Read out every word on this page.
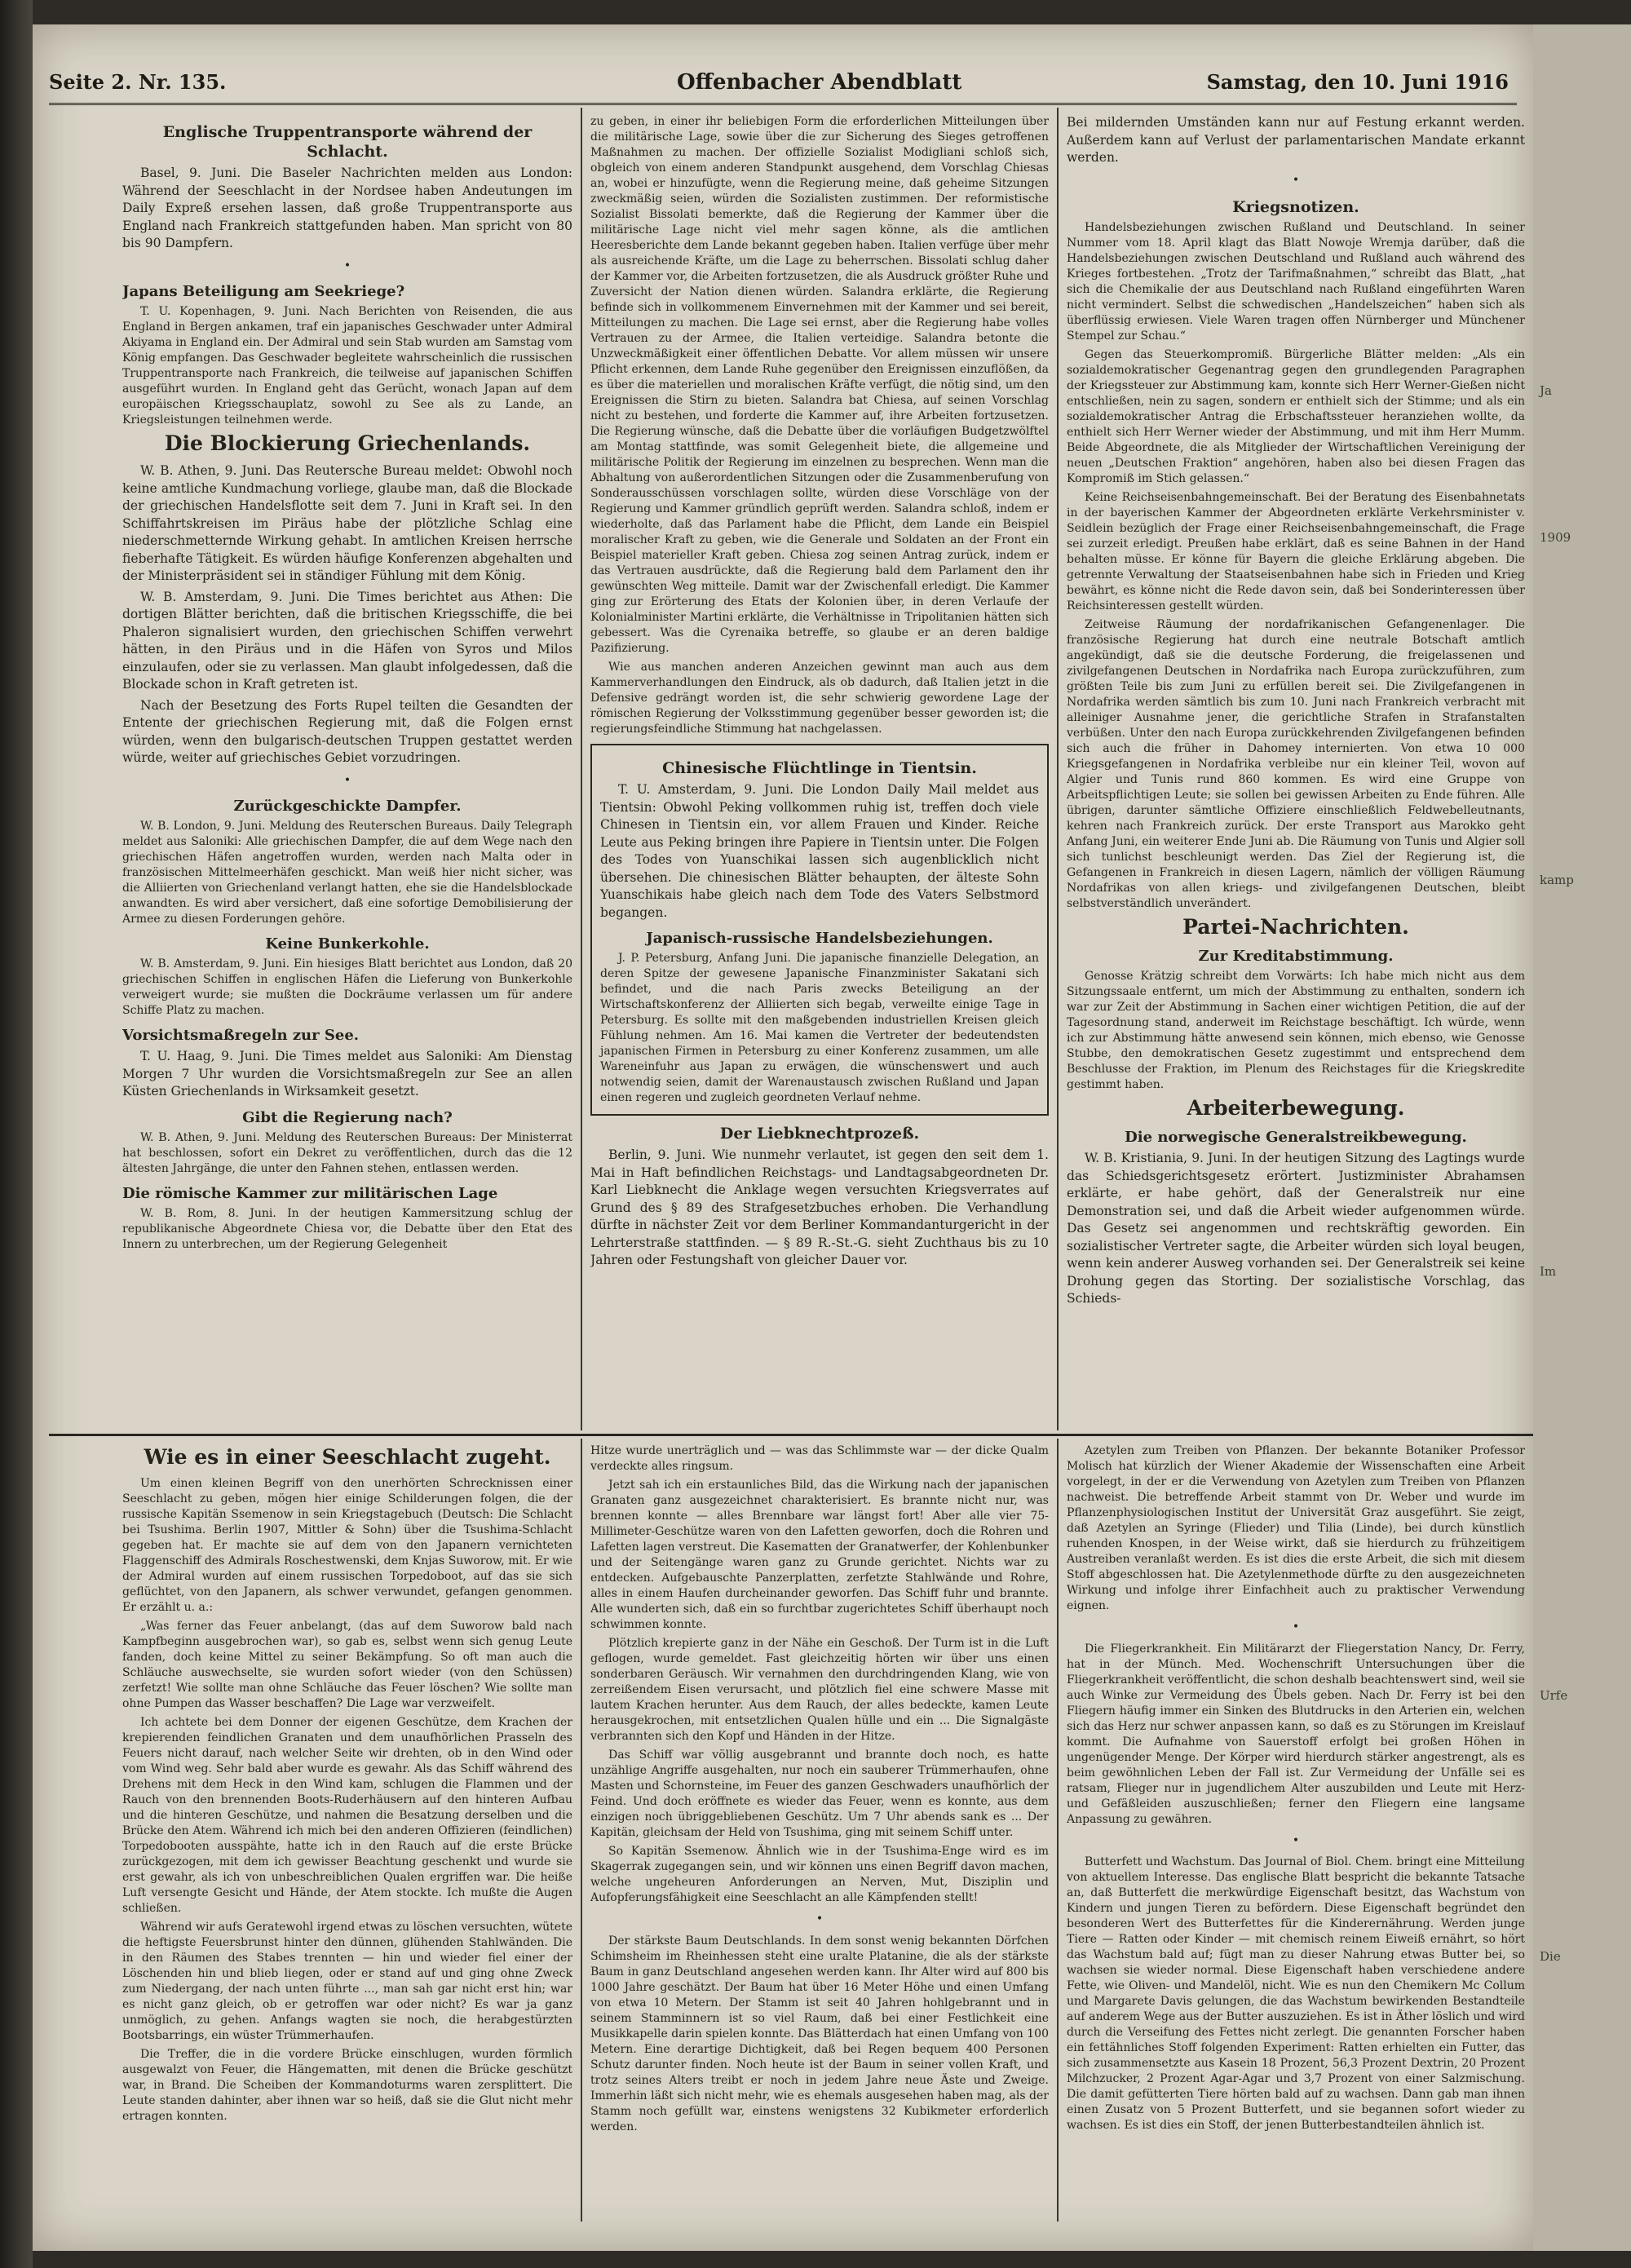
Ja
1909
kamp
Im
Urfe
Die
Seite 2. Nr. 135.	Offenbacher Abendblatt	Samstag, den 10. Juni 1916
Englische Truppentransporte während der Schlacht.

Basel, 9. Juni. Die Baseler Nachrichten melden aus London: Während der Seeschlacht in der Nordsee haben Andeutungen im Daily Expreß ersehen lassen, daß große Truppentransporte aus England nach Frankreich stattgefunden haben. Man spricht von 80 bis 90 Dampfern.

•
Japans Beteiligung am Seekriege?

T. U. Kopenhagen, 9. Juni. Nach Berichten von Reisenden, die aus England in Bergen ankamen, traf ein japanisches Geschwader unter Admiral Akiyama in England ein. Der Admiral und sein Stab wurden am Samstag vom König empfangen. Das Geschwader begleitete wahrscheinlich die russischen Truppentransporte nach Frankreich, die teilweise auf japanischen Schiffen ausgeführt wurden. In England geht das Gerücht, wonach Japan auf dem europäischen Kriegsschauplatz, sowohl zu See als zu Lande, an Kriegsleistungen teilnehmen werde.

Die Blockierung Griechenlands.

W. B. Athen, 9. Juni. Das Reutersche Bureau meldet: Obwohl noch keine amtliche Kundmachung vorliege, glaube man, daß die Blockade der griechischen Handelsflotte seit dem 7. Juni in Kraft sei. In den Schiffahrtskreisen im Piräus habe der plötzliche Schlag eine niederschmetternde Wirkung gehabt. In amtlichen Kreisen herrsche fieberhafte Tätigkeit. Es würden häufige Konferenzen abgehalten und der Ministerpräsident sei in ständiger Fühlung mit dem König.

W. B. Amsterdam, 9. Juni. Die Times berichtet aus Athen: Die dortigen Blätter berichten, daß die britischen Kriegsschiffe, die bei Phaleron signalisiert wurden, den griechischen Schiffen verwehrt hätten, in den Piräus und in die Häfen von Syros und Milos einzulaufen, oder sie zu verlassen. Man glaubt infolgedessen, daß die Blockade schon in Kraft getreten ist.

Nach der Besetzung des Forts Rupel teilten die Gesandten der Entente der griechischen Regierung mit, daß die Folgen ernst würden, wenn den bulgarisch-deutschen Truppen gestattet werden würde, weiter auf griechisches Gebiet vorzudringen.

•
Zurückgeschickte Dampfer.

W. B. London, 9. Juni. Meldung des Reuterschen Bureaus. Daily Telegraph meldet aus Saloniki: Alle griechischen Dampfer, die auf dem Wege nach den griechischen Häfen angetroffen wurden, werden nach Malta oder in französischen Mittelmeerhäfen geschickt. Man weiß hier nicht sicher, was die Alliierten von Griechenland verlangt hatten, ehe sie die Handelsblockade anwandten. Es wird aber versichert, daß eine sofortige Demobilisierung der Armee zu diesen Forderungen gehöre.

Keine Bunkerkohle.

W. B. Amsterdam, 9. Juni. Ein hiesiges Blatt berichtet aus London, daß 20 griechischen Schiffen in englischen Häfen die Lieferung von Bunkerkohle verweigert wurde; sie mußten die Dockräume verlassen um für andere Schiffe Platz zu machen.

Vorsichtsmaßregeln zur See.

T. U. Haag, 9. Juni. Die Times meldet aus Saloniki: Am Dienstag Morgen 7 Uhr wurden die Vorsichtsmaßregeln zur See an allen Küsten Griechenlands in Wirksamkeit gesetzt.

Gibt die Regierung nach?

W. B. Athen, 9. Juni. Meldung des Reuterschen Bureaus: Der Ministerrat hat beschlossen, sofort ein Dekret zu veröffentlichen, durch das die 12 ältesten Jahrgänge, die unter den Fahnen stehen, entlassen werden.

Die römische Kammer zur militärischen Lage

W. B. Rom, 8. Juni. In der heutigen Kammersitzung schlug der republikanische Abgeordnete Chiesa vor, die Debatte über den Etat des Innern zu unterbrechen, um der Regierung Gelegenheit

zu geben, in einer ihr beliebigen Form die erforderlichen Mitteilungen über die militärische Lage, sowie über die zur Sicherung des Sieges getroffenen Maßnahmen zu machen. Der offizielle Sozialist Modigliani schloß sich, obgleich von einem anderen Standpunkt ausgehend, dem Vorschlag Chiesas an, wobei er hinzufügte, wenn die Regierung meine, daß geheime Sitzungen zweckmäßig seien, würden die Sozialisten zustimmen. Der reformistische Sozialist Bissolati bemerkte, daß die Regierung der Kammer über die militärische Lage nicht viel mehr sagen könne, als die amtlichen Heeresberichte dem Lande bekannt gegeben haben. Italien verfüge über mehr als ausreichende Kräfte, um die Lage zu beherrschen. Bissolati schlug daher der Kammer vor, die Arbeiten fortzusetzen, die als Ausdruck größter Ruhe und Zuversicht der Nation dienen würden. Salandra erklärte, die Regierung befinde sich in vollkommenem Einvernehmen mit der Kammer und sei bereit, Mitteilungen zu machen. Die Lage sei ernst, aber die Regierung habe volles Vertrauen zu der Armee, die Italien verteidige. Salandra betonte die Unzweckmäßigkeit einer öffentlichen Debatte. Vor allem müssen wir unsere Pflicht erkennen, dem Lande Ruhe gegenüber den Ereignissen einzuflößen, da es über die materiellen und moralischen Kräfte verfügt, die nötig sind, um den Ereignissen die Stirn zu bieten. Salandra bat Chiesa, auf seinen Vorschlag nicht zu bestehen, und forderte die Kammer auf, ihre Arbeiten fortzusetzen. Die Regierung wünsche, daß die Debatte über die vorläufigen Budgetzwölftel am Montag stattfinde, was somit Gelegenheit biete, die allgemeine und militärische Politik der Regierung im einzelnen zu besprechen. Wenn man die Abhaltung von außerordentlichen Sitzungen oder die Zusammenberufung von Sonderausschüssen vorschlagen sollte, würden diese Vorschläge von der Regierung und Kammer gründlich geprüft werden. Salandra schloß, indem er wiederholte, daß das Parlament habe die Pflicht, dem Lande ein Beispiel moralischer Kraft zu geben, wie die Generale und Soldaten an der Front ein Beispiel materieller Kraft geben. Chiesa zog seinen Antrag zurück, indem er das Vertrauen ausdrückte, daß die Regierung bald dem Parlament den ihr gewünschten Weg mitteile. Damit war der Zwischenfall erledigt. Die Kammer ging zur Erörterung des Etats der Kolonien über, in deren Verlaufe der Kolonialminister Martini erklärte, die Verhältnisse in Tripolitanien hätten sich gebessert. Was die Cyrenaika betreffe, so glaube er an deren baldige Pazifizierung.

Wie aus manchen anderen Anzeichen gewinnt man auch aus dem Kammerverhandlungen den Eindruck, als ob dadurch, daß Italien jetzt in die Defensive gedrängt worden ist, die sehr schwierig gewordene Lage der römischen Regierung der Volksstimmung gegenüber besser geworden ist; die regierungsfeindliche Stimmung hat nachgelassen.

Chinesische Flüchtlinge in Tientsin.

T. U. Amsterdam, 9. Juni. Die London Daily Mail meldet aus Tientsin: Obwohl Peking vollkommen ruhig ist, treffen doch viele Chinesen in Tientsin ein, vor allem Frauen und Kinder. Reiche Leute aus Peking bringen ihre Papiere in Tientsin unter. Die Folgen des Todes von Yuanschikai lassen sich augenblicklich nicht übersehen. Die chinesischen Blätter behaupten, der älteste Sohn Yuanschikais habe gleich nach dem Tode des Vaters Selbstmord begangen.

Japanisch-russische Handelsbeziehungen.

J. P. Petersburg, Anfang Juni. Die japanische finanzielle Delegation, an deren Spitze der gewesene Japanische Finanzminister Sakatani sich befindet, und die nach Paris zwecks Beteiligung an der Wirtschaftskonferenz der Alliierten sich begab, verweilte einige Tage in Petersburg. Es sollte mit den maßgebenden industriellen Kreisen gleich Fühlung nehmen. Am 16. Mai kamen die Vertreter der bedeutendsten japanischen Firmen in Petersburg zu einer Konferenz zusammen, um alle Wareneinfuhr aus Japan zu erwägen, die wünschenswert und auch notwendig seien, damit der Warenaustausch zwischen Rußland und Japan einen regeren und zugleich geordneten Verlauf nehme.

Der Liebknechtprozeß.

Berlin, 9. Juni. Wie nunmehr verlautet, ist gegen den seit dem 1. Mai in Haft befindlichen Reichstags- und Landtagsabgeordneten Dr. Karl Liebknecht die Anklage wegen versuchten Kriegsverrates auf Grund des § 89 des Strafgesetzbuches erhoben. Die Verhandlung dürfte in nächster Zeit vor dem Berliner Kommandanturgericht in der Lehrterstraße stattfinden. — § 89 R.-St.-G. sieht Zuchthaus bis zu 10 Jahren oder Festungshaft von gleicher Dauer vor.

Bei mildernden Umständen kann nur auf Festung erkannt werden. Außerdem kann auf Verlust der parlamentarischen Mandate erkannt werden.

•
Kriegsnotizen.

Handelsbeziehungen zwischen Rußland und Deutschland. In seiner Nummer vom 18. April klagt das Blatt Nowoje Wremja darüber, daß die Handelsbeziehungen zwischen Deutschland und Rußland auch während des Krieges fortbestehen. „Trotz der Tarifmaßnahmen,“ schreibt das Blatt, „hat sich die Chemikalie der aus Deutschland nach Rußland eingeführten Waren nicht vermindert. Selbst die schwedischen „Handelszeichen“ haben sich als überflüssig erwiesen. Viele Waren tragen offen Nürnberger und Münchener Stempel zur Schau.“

Gegen das Steuerkompromiß. Bürgerliche Blätter melden: „Als ein sozialdemokratischer Gegenantrag gegen den grundlegenden Paragraphen der Kriegssteuer zur Abstimmung kam, konnte sich Herr Werner-Gießen nicht entschließen, nein zu sagen, sondern er enthielt sich der Stimme; und als ein sozialdemokratischer Antrag die Erbschaftssteuer heranziehen wollte, da enthielt sich Herr Werner wieder der Abstimmung, und mit ihm Herr Mumm. Beide Abgeordnete, die als Mitglieder der Wirtschaftlichen Vereinigung der neuen „Deutschen Fraktion“ angehören, haben also bei diesen Fragen das Kompromiß im Stich gelassen.“

Keine Reichseisenbahngemeinschaft. Bei der Beratung des Eisenbahnetats in der bayerischen Kammer der Abgeordneten erklärte Verkehrsminister v. Seidlein bezüglich der Frage einer Reichseisenbahngemeinschaft, die Frage sei zurzeit erledigt. Preußen habe erklärt, daß es seine Bahnen in der Hand behalten müsse. Er könne für Bayern die gleiche Erklärung abgeben. Die getrennte Verwaltung der Staatseisenbahnen habe sich in Frieden und Krieg bewährt, es könne nicht die Rede davon sein, daß bei Sonderinteressen über Reichsinteressen gestellt würden.

Zeitweise Räumung der nordafrikanischen Gefangenenlager. Die französische Regierung hat durch eine neutrale Botschaft amtlich angekündigt, daß sie die deutsche Forderung, die freigelassenen und zivilgefangenen Deutschen in Nordafrika nach Europa zurückzuführen, zum größten Teile bis zum Juni zu erfüllen bereit sei. Die Zivilgefangenen in Nordafrika werden sämtlich bis zum 10. Juni nach Frankreich verbracht mit alleiniger Ausnahme jener, die gerichtliche Strafen in Strafanstalten verbüßen. Unter den nach Europa zurückkehrenden Zivilgefangenen befinden sich auch die früher in Dahomey internierten. Von etwa 10 000 Kriegsgefangenen in Nordafrika verbleibe nur ein kleiner Teil, wovon auf Algier und Tunis rund 860 kommen. Es wird eine Gruppe von Arbeitspflichtigen Leute; sie sollen bei gewissen Arbeiten zu Ende führen. Alle übrigen, darunter sämtliche Offiziere einschließlich Feldwebelleutnants, kehren nach Frankreich zurück. Der erste Transport aus Marokko geht Anfang Juni, ein weiterer Ende Juni ab. Die Räumung von Tunis und Algier soll sich tunlichst beschleunigt werden. Das Ziel der Regierung ist, die Gefangenen in Frankreich in diesen Lagern, nämlich der völligen Räumung Nordafrikas von allen kriegs- und zivilgefangenen Deutschen, bleibt selbstverständlich unverändert.

Partei-Nachrichten.
Zur Kreditabstimmung.

Genosse Krätzig schreibt dem Vorwärts: Ich habe mich nicht aus dem Sitzungssaale entfernt, um mich der Abstimmung zu enthalten, sondern ich war zur Zeit der Abstimmung in Sachen einer wichtigen Petition, die auf der Tagesordnung stand, anderweit im Reichstage beschäftigt. Ich würde, wenn ich zur Abstimmung hätte anwesend sein können, mich ebenso, wie Genosse Stubbe, den demokratischen Gesetz zugestimmt und entsprechend dem Beschlusse der Fraktion, im Plenum des Reichstages für die Kriegskredite gestimmt haben.

Arbeiterbewegung.
Die norwegische Generalstreikbewegung.

W. B. Kristiania, 9. Juni. In der heutigen Sitzung des Lagtings wurde das Schiedsgerichtsgesetz erörtert. Justizminister Abrahamsen erklärte, er habe gehört, daß der Generalstreik nur eine Demonstration sei, und daß die Arbeit wieder aufgenommen würde. Das Gesetz sei angenommen und rechtskräftig geworden. Ein sozialistischer Vertreter sagte, die Arbeiter würden sich loyal beugen, wenn kein anderer Ausweg vorhanden sei. Der Generalstreik sei keine Drohung gegen das Storting. Der sozialistische Vorschlag, das Schieds-

Wie es in einer Seeschlacht zugeht.

Um einen kleinen Begriff von den unerhörten Schrecknissen einer Seeschlacht zu geben, mögen hier einige Schilderungen folgen, die der russische Kapitän Ssemenow in sein Kriegstagebuch (Deutsch: Die Schlacht bei Tsushima. Berlin 1907, Mittler & Sohn) über die Tsushima-Schlacht gegeben hat. Er machte sie auf dem von den Japanern vernichteten Flaggenschiff des Admirals Roschestwenski, dem Knjas Suworow, mit. Er wie der Admiral wurden auf einem russischen Torpedoboot, auf das sie sich geflüchtet, von den Japanern, als schwer verwundet, gefangen genommen. Er erzählt u. a.:

„Was ferner das Feuer anbelangt, (das auf dem Suworow bald nach Kampfbeginn ausgebrochen war), so gab es, selbst wenn sich genug Leute fanden, doch keine Mittel zu seiner Bekämpfung. So oft man auch die Schläuche auswechselte, sie wurden sofort wieder (von den Schüssen) zerfetzt! Wie sollte man ohne Schläuche das Feuer löschen? Wie sollte man ohne Pumpen das Wasser beschaffen? Die Lage war verzweifelt.

Ich achtete bei dem Donner der eigenen Geschütze, dem Krachen der krepierenden feindlichen Granaten und dem unaufhörlichen Prasseln des Feuers nicht darauf, nach welcher Seite wir drehten, ob in den Wind oder vom Wind weg. Sehr bald aber wurde es gewahr. Als das Schiff während des Drehens mit dem Heck in den Wind kam, schlugen die Flammen und der Rauch von den brennenden Boots-Ruderhäusern auf den hinteren Aufbau und die hinteren Geschütze, und nahmen die Besatzung derselben und die Brücke den Atem. Während ich mich bei den anderen Offizieren (feindlichen) Torpedobooten ausspähte, hatte ich in den Rauch auf die erste Brücke zurückgezogen, mit dem ich gewisser Beachtung geschenkt und wurde sie erst gewahr, als ich von unbeschreiblichen Qualen ergriffen war. Die heiße Luft versengte Gesicht und Hände, der Atem stockte. Ich mußte die Augen schließen.

Während wir aufs Geratewohl irgend etwas zu löschen versuchten, wütete die heftigste Feuersbrunst hinter den dünnen, glühenden Stahlwänden. Die in den Räumen des Stabes trennten — hin und wieder fiel einer der Löschenden hin und blieb liegen, oder er stand auf und ging ohne Zweck zum Niedergang, der nach unten führte ..., man sah gar nicht erst hin; war es nicht ganz gleich, ob er getroffen war oder nicht? Es war ja ganz unmöglich, zu gehen. Anfangs wagten sie noch, die herabgestürzten Bootsbarrings, ein wüster Trümmerhaufen.

Die Treffer, die in die vordere Brücke einschlugen, wurden förmlich ausgewalzt von Feuer, die Hängematten, mit denen die Brücke geschützt war, in Brand. Die Scheiben der Kommandoturms waren zersplittert. Die Leute standen dahinter, aber ihnen war so heiß, daß sie die Glut nicht mehr ertragen konnten.

Hitze wurde unerträglich und — was das Schlimmste war — der dicke Qualm verdeckte alles ringsum.

Jetzt sah ich ein erstaunliches Bild, das die Wirkung nach der japanischen Granaten ganz ausgezeichnet charakterisiert. Es brannte nicht nur, was brennen konnte — alles Brennbare war längst fort! Aber alle vier 75-Millimeter-Geschütze waren von den Lafetten geworfen, doch die Rohren und Lafetten lagen verstreut. Die Kasematten der Granatwerfer, der Kohlenbunker und der Seitengänge waren ganz zu Grunde gerichtet. Nichts war zu entdecken. Aufgebauschte Panzerplatten, zerfetzte Stahlwände und Rohre, alles in einem Haufen durcheinander geworfen. Das Schiff fuhr und brannte. Alle wunderten sich, daß ein so furchtbar zugerichtetes Schiff überhaupt noch schwimmen konnte.

Plötzlich krepierte ganz in der Nähe ein Geschoß. Der Turm ist in die Luft geflogen, wurde gemeldet. Fast gleichzeitig hörten wir über uns einen sonderbaren Geräusch. Wir vernahmen den durchdringenden Klang, wie von zerreißendem Eisen verursacht, und plötzlich fiel eine schwere Masse mit lautem Krachen herunter. Aus dem Rauch, der alles bedeckte, kamen Leute herausgekrochen, mit entsetzlichen Qualen hülle und ein ... Die Signalgäste verbrannten sich den Kopf und Händen in der Hitze.

Das Schiff war völlig ausgebrannt und brannte doch noch, es hatte unzählige Angriffe ausgehalten, nur noch ein sauberer Trümmerhaufen, ohne Masten und Schornsteine, im Feuer des ganzen Geschwaders unaufhörlich der Feind. Und doch eröffnete es wieder das Feuer, wenn es konnte, aus dem einzigen noch übriggebliebenen Geschütz. Um 7 Uhr abends sank es ... Der Kapitän, gleichsam der Held von Tsushima, ging mit seinem Schiff unter.

So Kapitän Ssemenow. Ähnlich wie in der Tsushima-Enge wird es im Skagerrak zugegangen sein, und wir können uns einen Begriff davon machen, welche ungeheuren Anforderungen an Nerven, Mut, Disziplin und Aufopferungsfähigkeit eine Seeschlacht an alle Kämpfenden stellt!

•

Der stärkste Baum Deutschlands. In dem sonst wenig bekannten Dörfchen Schimsheim im Rheinhessen steht eine uralte Platanine, die als der stärkste Baum in ganz Deutschland angesehen werden kann. Ihr Alter wird auf 800 bis 1000 Jahre geschätzt. Der Baum hat über 16 Meter Höhe und einen Umfang von etwa 10 Metern. Der Stamm ist seit 40 Jahren hohlgebrannt und in seinem Stamminnern ist so viel Raum, daß bei einer Festlichkeit eine Musikkapelle darin spielen konnte. Das Blätterdach hat einen Umfang von 100 Metern. Eine derartige Dichtigkeit, daß bei Regen bequem 400 Personen Schutz darunter finden. Noch heute ist der Baum in seiner vollen Kraft, und trotz seines Alters treibt er noch in jedem Jahre neue Äste und Zweige. Immerhin läßt sich nicht mehr, wie es ehemals ausgesehen haben mag, als der Stamm noch gefüllt war, einstens wenigstens 32 Kubikmeter erforderlich werden.

Azetylen zum Treiben von Pflanzen. Der bekannte Botaniker Professor Molisch hat kürzlich der Wiener Akademie der Wissenschaften eine Arbeit vorgelegt, in der er die Verwendung von Azetylen zum Treiben von Pflanzen nachweist. Die betreffende Arbeit stammt von Dr. Weber und wurde im Pflanzenphysiologischen Institut der Universität Graz ausgeführt. Sie zeigt, daß Azetylen an Syringe (Flieder) und Tilia (Linde), bei durch künstlich ruhenden Knospen, in der Weise wirkt, daß sie hierdurch zu frühzeitigem Austreiben veranlaßt werden. Es ist dies die erste Arbeit, die sich mit diesem Stoff abgeschlossen hat. Die Azetylenmethode dürfte zu den ausgezeichneten Wirkung und infolge ihrer Einfachheit auch zu praktischer Verwendung eignen.

•

Die Fliegerkrankheit. Ein Militärarzt der Fliegerstation Nancy, Dr. Ferry, hat in der Münch. Med. Wochenschrift Untersuchungen über die Fliegerkrankheit veröffentlicht, die schon deshalb beachtenswert sind, weil sie auch Winke zur Vermeidung des Übels geben. Nach Dr. Ferry ist bei den Fliegern häufig immer ein Sinken des Blutdrucks in den Arterien ein, welchen sich das Herz nur schwer anpassen kann, so daß es zu Störungen im Kreislauf kommt. Die Aufnahme von Sauerstoff erfolgt bei großen Höhen in ungenügender Menge. Der Körper wird hierdurch stärker angestrengt, als es beim gewöhnlichen Leben der Fall ist. Zur Vermeidung der Unfälle sei es ratsam, Flieger nur in jugendlichem Alter auszubilden und Leute mit Herz- und Gefäßleiden auszuschließen; ferner den Fliegern eine langsame Anpassung zu gewähren.

•

Butterfett und Wachstum. Das Journal of Biol. Chem. bringt eine Mitteilung von aktuellem Interesse. Das englische Blatt bespricht die bekannte Tatsache an, daß Butterfett die merkwürdige Eigenschaft besitzt, das Wachstum von Kindern und jungen Tieren zu befördern. Diese Eigenschaft begründet den besonderen Wert des Butterfettes für die Kinderernährung. Werden junge Tiere — Ratten oder Kinder — mit chemisch reinem Eiweiß ernährt, so hört das Wachstum bald auf; fügt man zu dieser Nahrung etwas Butter bei, so wachsen sie wieder normal. Diese Eigenschaft haben verschiedene andere Fette, wie Oliven- und Mandelöl, nicht. Wie es nun den Chemikern Mc Collum und Margarete Davis gelungen, die das Wachstum bewirkenden Bestandteile auf anderem Wege aus der Butter auszuziehen. Es ist in Äther löslich und wird durch die Verseifung des Fettes nicht zerlegt. Die genannten Forscher haben ein fettähnliches Stoff folgenden Experiment: Ratten erhielten ein Futter, das sich zusammensetzte aus Kasein 18 Prozent, 56,3 Prozent Dextrin, 20 Prozent Milchzucker, 2 Prozent Agar-Agar und 3,7 Prozent von einer Salzmischung. Die damit gefütterten Tiere hörten bald auf zu wachsen. Dann gab man ihnen einen Zusatz von 5 Prozent Butterfett, und sie begannen sofort wieder zu wachsen. Es ist dies ein Stoff, der jenen Butterbestandteilen ähnlich ist.
